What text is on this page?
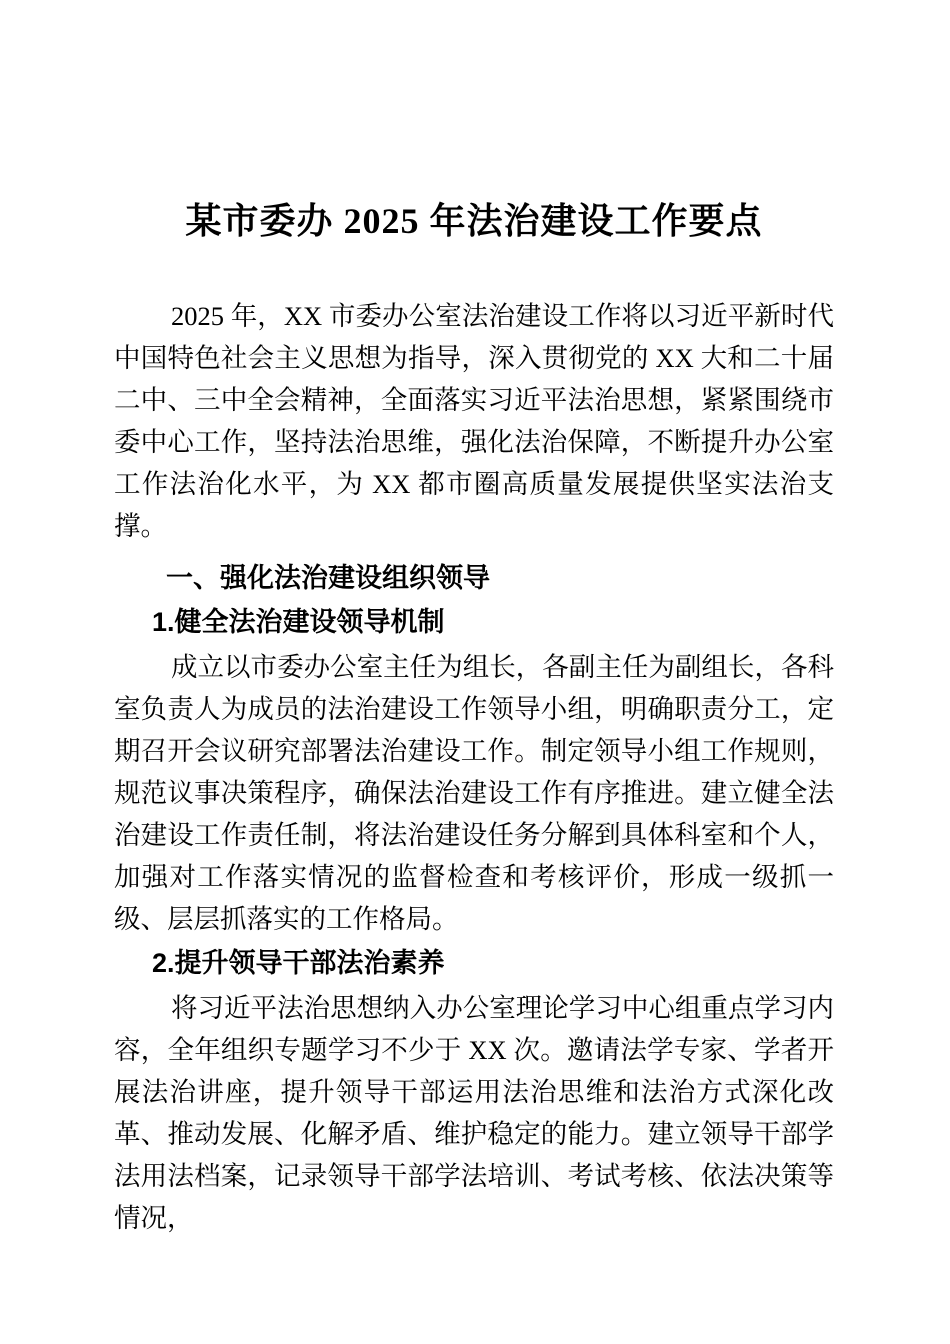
某市委办 2025 年法治建设工作要点

2025 年，XX 市委办公室法治建设工作将以习近平新时代中国特色社会主义思想为指导，深入贯彻党的 XX 大和二十届二中、三中全会精神，全面落实习近平法治思想，紧紧围绕市委中心工作，坚持法治思维，强化法治保障，不断提升办公室工作法治化水平，为 XX 都市圈高质量发展提供坚实法治支撑。

一、强化法治建设组织领导
1.健全法治建设领导机制

成立以市委办公室主任为组长，各副主任为副组长，各科室负责人为成员的法治建设工作领导小组，明确职责分工，定期召开会议研究部署法治建设工作。制定领导小组工作规则，规范议事决策程序，确保法治建设工作有序推进。建立健全法治建设工作责任制，将法治建设任务分解到具体科室和个人，加强对工作落实情况的监督检查和考核评价，形成一级抓一级、层层抓落实的工作格局。

2.提升领导干部法治素养

将习近平法治思想纳入办公室理论学习中心组重点学习内容，全年组织专题学习不少于 XX 次。邀请法学专家、学者开展法治讲座，提升领导干部运用法治思维和法治方式深化改革、推动发展、化解矛盾、维护稳定的能力。建立领导干部学法用法档案，记录领导干部学法培训、考试考核、依法决策等情况，
